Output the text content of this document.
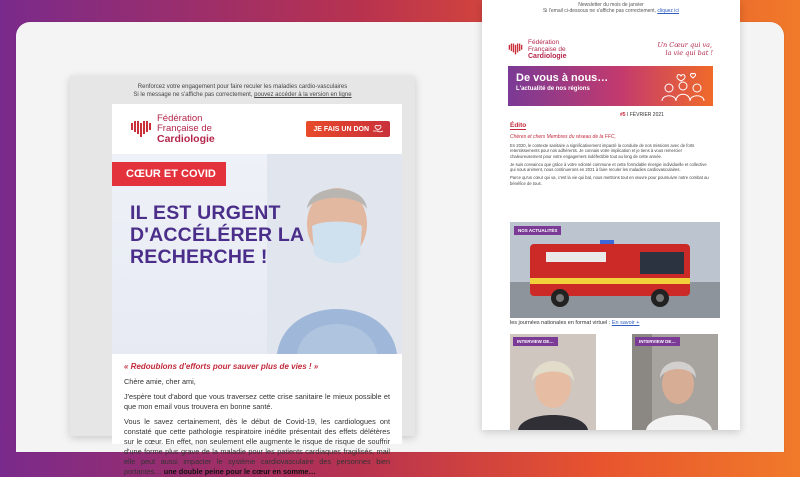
Renforcez votre engagement pour faire reculer les maladies cardio-vasculaires
Si le message ne s'affiche pas correctement, pouvez accéder à la version en ligne
Fédération
Française de
Cardiologie
JE FAIS UN DON
CŒUR ET COVID
IL EST URGENT D'ACCÉLÉRER LA RECHERCHE !
« Redoublons d'efforts pour sauver plus de vies ! »

Chère amie, cher ami,

J'espère tout d'abord que vous traversez cette crise sanitaire le mieux possible et que mon email vous trouvera en bonne santé.

Vous le savez certainement, dès le début de Covid-19, les cardiologues ont constaté que cette pathologie respiratoire inédite présentait des effets délétères sur le cœur. En effet, non seulement elle augmente le risque de risque de souffrir d'une forme plus grave de la maladie pour les patients cardiaques fragilisés, mail elle peut aussi impacter le système cardiovasculaire des personnes bien portantes… une double peine pour le cœur en somme…

Newsletter du mois de janvier
Si l'email ci-dessous ne s'affiche pas correctement, cliquez ici
Fédération
Française de
Cardiologie
Un Cœur qui va,
la vie qui bat !
De vous à nous…
L'actualité de nos régions
#5 I FÉVRIER 2021
Édito
Chères et chers Membres du réseau de la FFC,

En 2020, le contexte sanitaire a significativement impacté la conduite de nos missions avec de forts retentissements pour nos adhérents. Je connais votre implication et je tiens à vous remercier chaleureusement pour votre engagement indéfectible tout au long de cette année.

Je suis convaincu que grâce à votre volonté commune et cette formidable énergie individuelle et collective qui nous animent, nous continuerons en 2021 à faire reculer les maladies cardiovasculaires.

Parce qu'un cœur qui va, c'est la vie qui bat, nous mettrons tout en œuvre pour poursuivre notre combat au bénéfice de tous.

NOS ACTUALITÉS
les journées nationales en format virtuel : En savoir +
INTERVIEW DE…	INTERVIEW DE…
